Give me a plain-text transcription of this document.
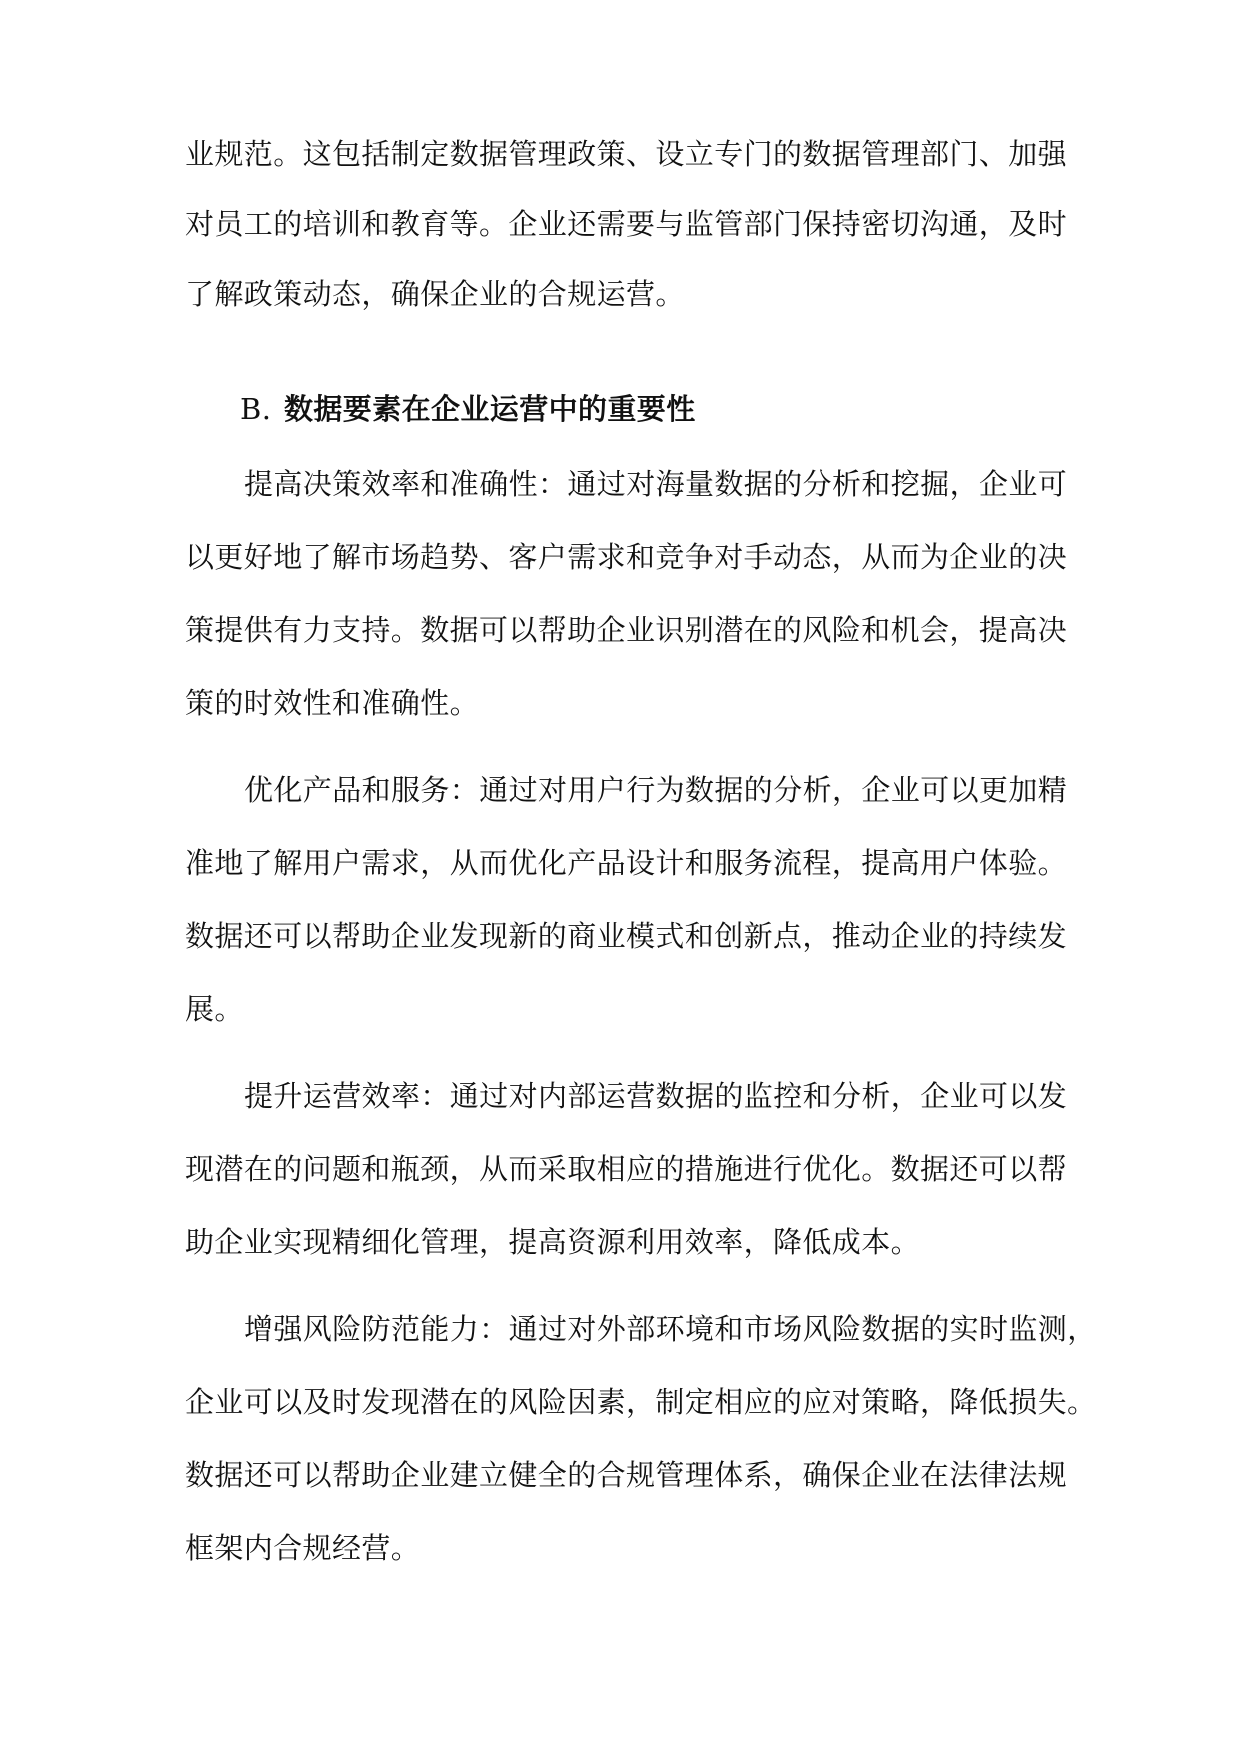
业规范。这包括制定数据管理政策、设立专门的数据管理部门、加强

对员工的培训和教育等。企业还需要与监管部门保持密切沟通，及时

了解政策动态，确保企业的合规运营。

B. 数据要素在企业运营中的重要性

提高决策效率和准确性：通过对海量数据的分析和挖掘，企业可

以更好地了解市场趋势、客户需求和竞争对手动态，从而为企业的决

策提供有力支持。数据可以帮助企业识别潜在的风险和机会，提高决

策的时效性和准确性。

优化产品和服务：通过对用户行为数据的分析，企业可以更加精

准地了解用户需求，从而优化产品设计和服务流程，提高用户体验。

数据还可以帮助企业发现新的商业模式和创新点，推动企业的持续发

展。

提升运营效率：通过对内部运营数据的监控和分析，企业可以发

现潜在的问题和瓶颈，从而采取相应的措施进行优化。数据还可以帮

助企业实现精细化管理，提高资源利用效率，降低成本。

增强风险防范能力：通过对外部环境和市场风险数据的实时监测，

企业可以及时发现潜在的风险因素，制定相应的应对策略，降低损失。

数据还可以帮助企业建立健全的合规管理体系，确保企业在法律法规

框架内合规经营。
